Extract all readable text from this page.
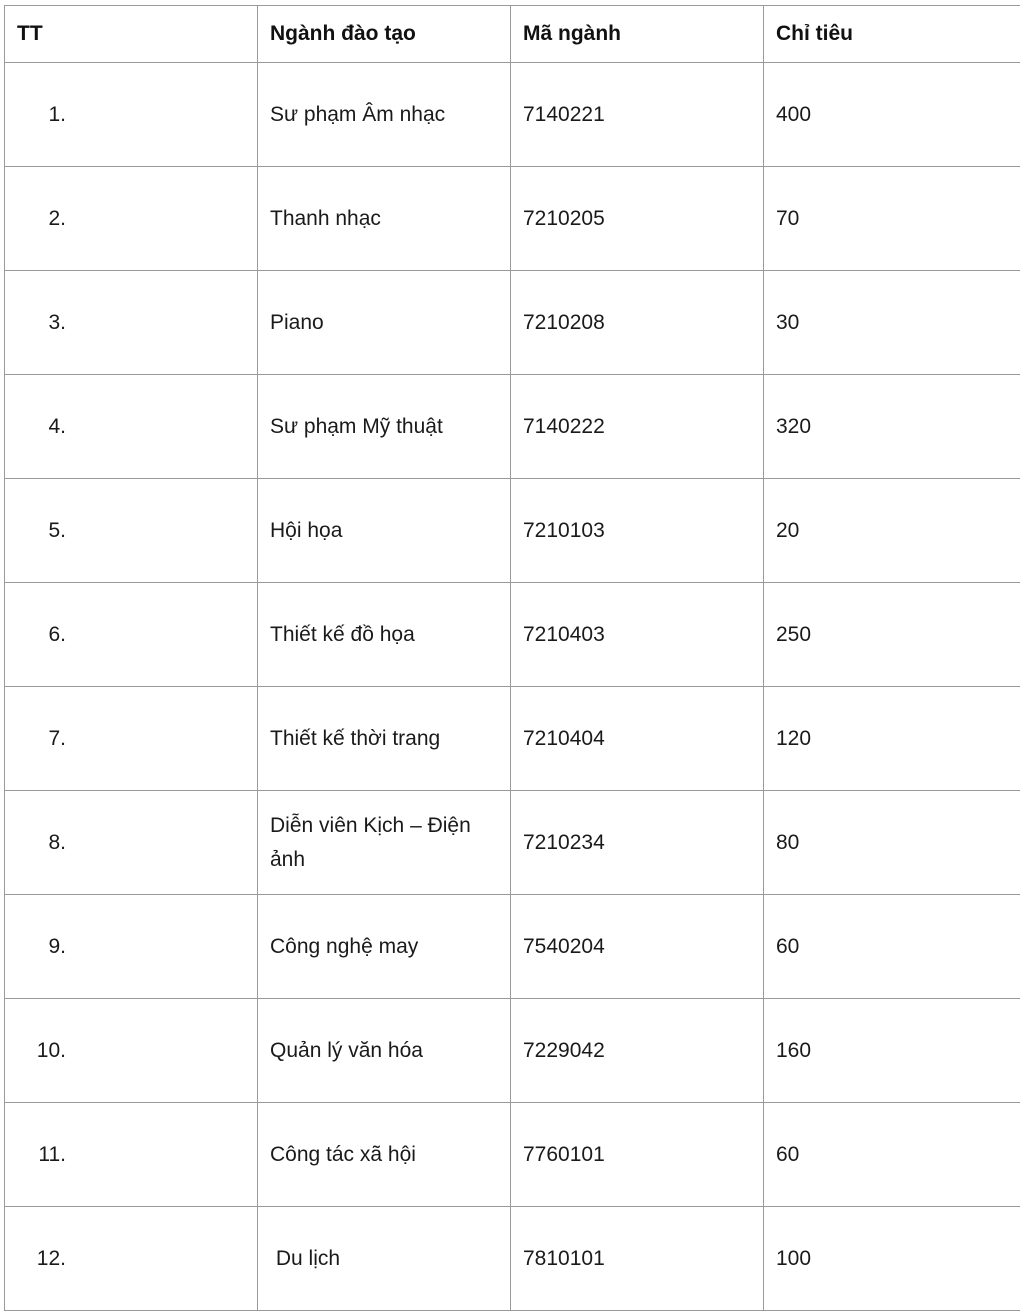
TT	Ngành đào tạo	Mã ngành	Chỉ tiêu
1.	Sư phạm Âm nhạc	7140221	400
2.	Thanh nhạc	7210205	70
3.	Piano	7210208	30
4.	Sư phạm Mỹ thuật	7140222	320
5.	Hội họa	7210103	20
6.	Thiết kế đồ họa	7210403	250
7.	Thiết kế thời trang	7210404	120
8.	Diễn viên Kịch – Điện ảnh	7210234	80
9.	Công nghệ may	7540204	60
10.	Quản lý văn hóa	7229042	160
11.	Công tác xã hội	7760101	60
12.	Du lịch	7810101	100
